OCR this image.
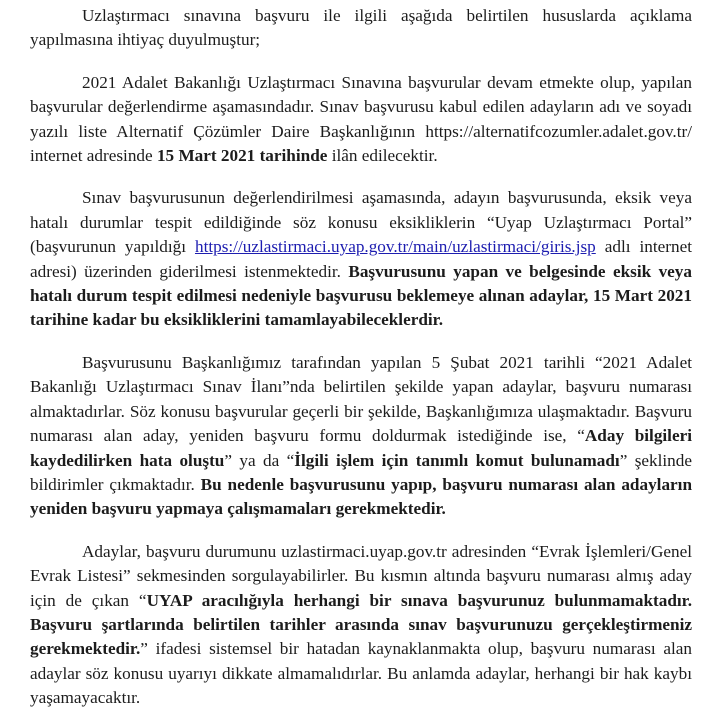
Uzlaştırmacı sınavına başvuru ile ilgili aşağıda belirtilen hususlarda açıklama yapılmasına ihtiyaç duyulmuştur;

2021 Adalet Bakanlığı Uzlaştırmacı Sınavına başvurular devam etmekte olup, yapılan başvurular değerlendirme aşamasındadır. Sınav başvurusu kabul edilen adayların adı ve soyadı yazılı liste Alternatif Çözümler Daire Başkanlığının https://alternatifcozumler.adalet.gov.tr/ internet adresinde 15 Mart 2021 tarihinde ilân edilecektir.

Sınav başvurusunun değerlendirilmesi aşamasında, adayın başvurusunda, eksik veya hatalı durumlar tespit edildiğinde söz konusu eksikliklerin “Uyap Uzlaştırmacı Portal” (başvurunun yapıldığı https://uzlastirmaci.uyap.gov.tr/main/uzlastirmaci/giris.jsp adlı internet adresi) üzerinden giderilmesi istenmektedir. Başvurusunu yapan ve belgesinde eksik veya hatalı durum tespit edilmesi nedeniyle başvurusu beklemeye alınan adaylar, 15 Mart 2021 tarihine kadar bu eksikliklerini tamamlayabileceklerdir.

Başvurusunu Başkanlığımız tarafından yapılan 5 Şubat 2021 tarihli “2021 Adalet Bakanlığı Uzlaştırmacı Sınav İlanı”nda belirtilen şekilde yapan adaylar, başvuru numarası almaktadırlar. Söz konusu başvurular geçerli bir şekilde, Başkanlığımıza ulaşmaktadır. Başvuru numarası alan aday, yeniden başvuru formu doldurmak istediğinde ise, “Aday bilgileri kaydedilirken hata oluştu” ya da “İlgili işlem için tanımlı komut bulunamadı” şeklinde bildirimler çıkmaktadır. Bu nedenle başvurusunu yapıp, başvuru numarası alan adayların yeniden başvuru yapmaya çalışmamaları gerekmektedir.

Adaylar, başvuru durumunu uzlastirmaci.uyap.gov.tr adresinden “Evrak İşlemleri/Genel Evrak Listesi” sekmesinden sorgulayabilirler. Bu kısmın altında başvuru numarası almış aday için de çıkan “UYAP aracılığıyla herhangi bir sınava başvurunuz bulunmamaktadır. Başvuru şartlarında belirtilen tarihler arasında sınav başvurunuzu gerçekleştirmeniz gerekmektedir.” ifadesi sistemsel bir hatadan kaynaklanmakta olup, başvuru numarası alan adaylar söz konusu uyarıyı dikkate almamalıdırlar. Bu anlamda adaylar, herhangi bir hak kaybı yaşamayacaktır.
